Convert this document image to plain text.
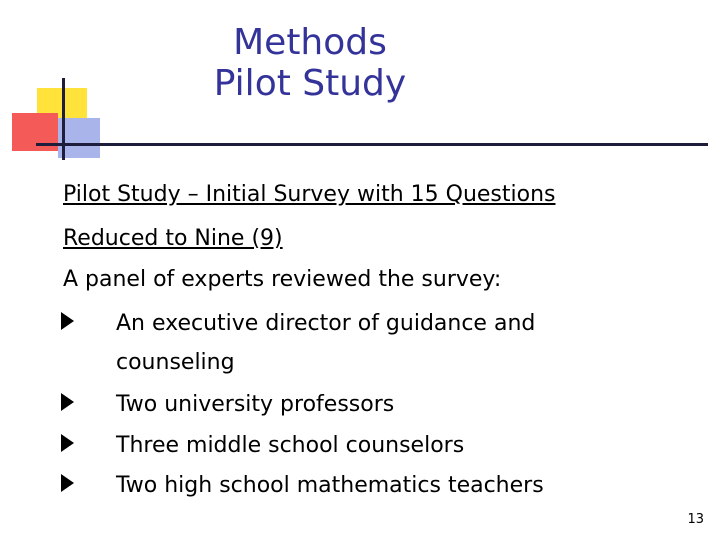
Methods
Pilot Study
Pilot Study – Initial Survey with 15 Questions
Reduced to Nine (9)
A panel of experts reviewed the survey:
An executive director of guidance and
counseling
Two university professors
Three middle school counselors
Two high school mathematics teachers
13
